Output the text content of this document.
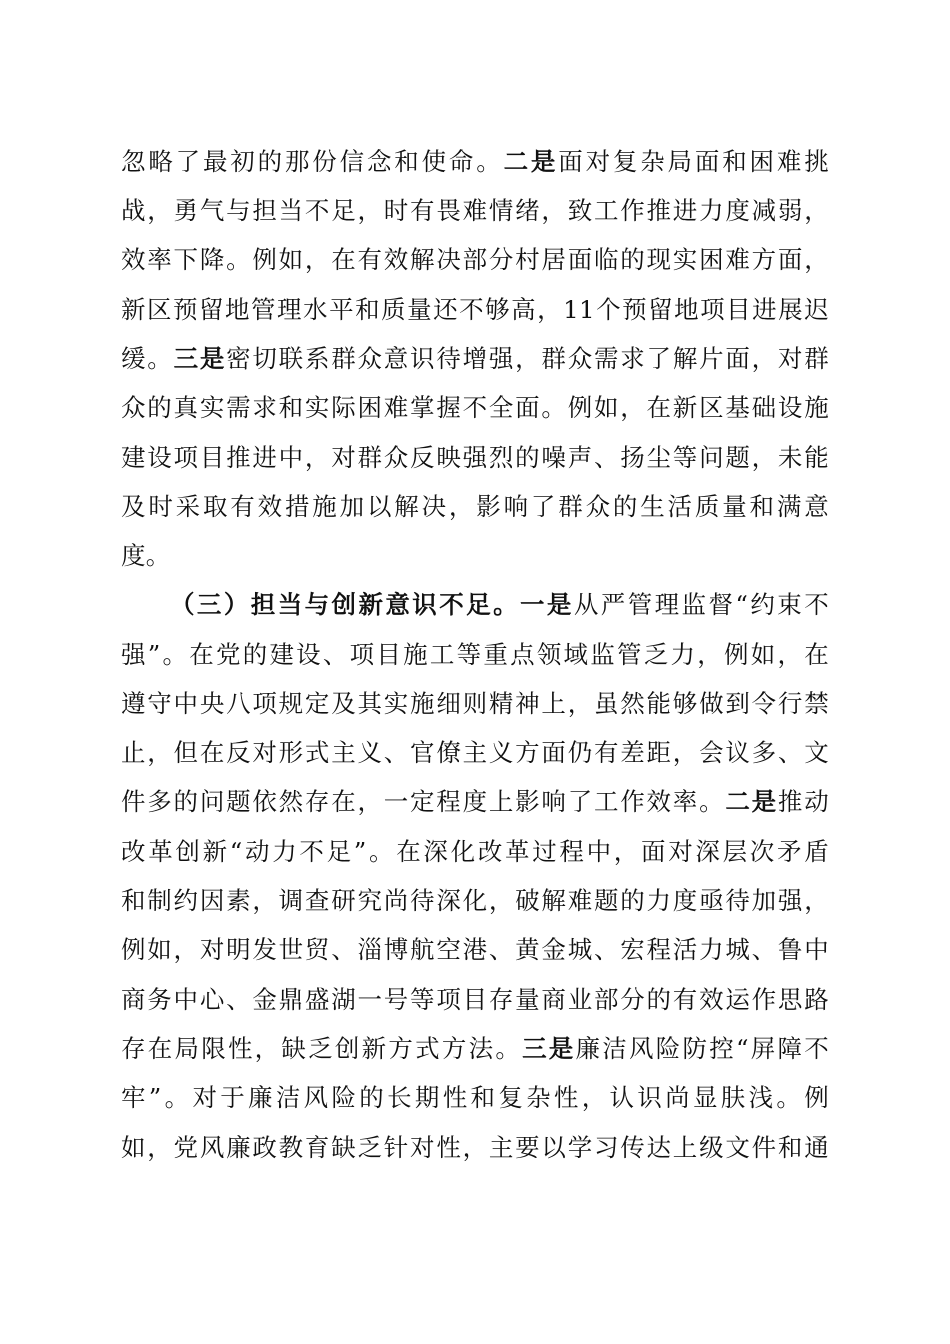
忽略了最初的那份信念和使命。二是面对复杂局面和困难挑
战，勇气与担当不足，时有畏难情绪，致工作推进力度减弱，
效率下降。例如，在有效解决部分村居面临的现实困难方面，
新区预留地管理水平和质量还不够高，11个预留地项目进展迟
缓。三是密切联系群众意识待增强，群众需求了解片面，对群
众的真实需求和实际困难掌握不全面。例如，在新区基础设施
建设项目推进中，对群众反映强烈的噪声、扬尘等问题，未能
及时采取有效措施加以解决，影响了群众的生活质量和满意
度。
（三）担当与创新意识不足。一是从严管理监督“约束不
强”。在党的建设、项目施工等重点领域监管乏力，例如，在
遵守中央八项规定及其实施细则精神上，虽然能够做到令行禁
止，但在反对形式主义、官僚主义方面仍有差距，会议多、文
件多的问题依然存在，一定程度上影响了工作效率。二是推动
改革创新“动力不足”。在深化改革过程中，面对深层次矛盾
和制约因素，调查研究尚待深化，破解难题的力度亟待加强，
例如，对明发世贸、淄博航空港、黄金城、宏程活力城、鲁中
商务中心、金鼎盛湖一号等项目存量商业部分的有效运作思路
存在局限性，缺乏创新方式方法。三是廉洁风险防控“屏障不
牢”。对于廉洁风险的长期性和复杂性，认识尚显肤浅。例
如，党风廉政教育缺乏针对性，主要以学习传达上级文件和通
